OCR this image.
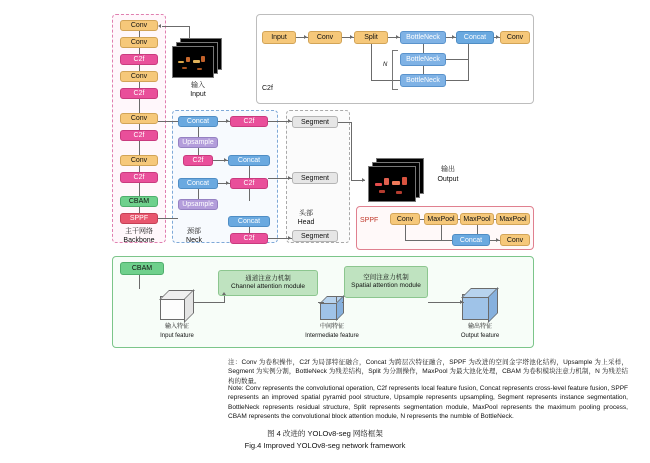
Conv
Conv
C2f
Conv
C2f
Conv
C2f
Conv
C2f
CBAM
SPPF
主干网络
Backbone
输入
Input
Concat	C2f
Upsample
C2f	Concat
Concat	C2f
Upsample
Concat
C2f
颈部
Neck
Segment
Segment
Segment
头部
Head
输出
Output
C2f
Input	Conv	Split	BottleNeck
BottleNeck
BottleNeck
Concat	Conv
N
SPPF	Conv	MaxPool	MaxPool	MaxPool
Concat	Conv
CBAM
通道注意力机制
Channel attention module
空间注意力机制
Spatial attention module
输入特征
Input feature
中间特征
Intermediate feature
输出特征
Output feature
注：Conv 为卷积操作，C2f 为局部特征融合，Concat 为跨层次特征融合，SPPF 为改进的空间金字塔池化结构，Upsample 为上采样，Segment 为实例分割，BottleNeck 为残差结构，Split 为分割操作，MaxPool 为最大池化处理，CBAM 为卷积模块注意力机制，N 为残差结构的数量。
Note: Conv represents the convolutional operation, C2f represents local feature fusion, Concat represents cross-level feature fusion, SPPF represents an improved spatial pyramid pool structure, Upsample represents upsampling, Segment represents instance segmentation, BottleNeck represents residual structure, Split represents segmentation module, MaxPool represents the maximum pooling process, CBAM represents the convolutional block attention module, N represents the numble of BottleNeck.
图 4 改进的 YOLOv8-seg 网络框架
Fig.4 Improved YOLOv8-seg network framework
